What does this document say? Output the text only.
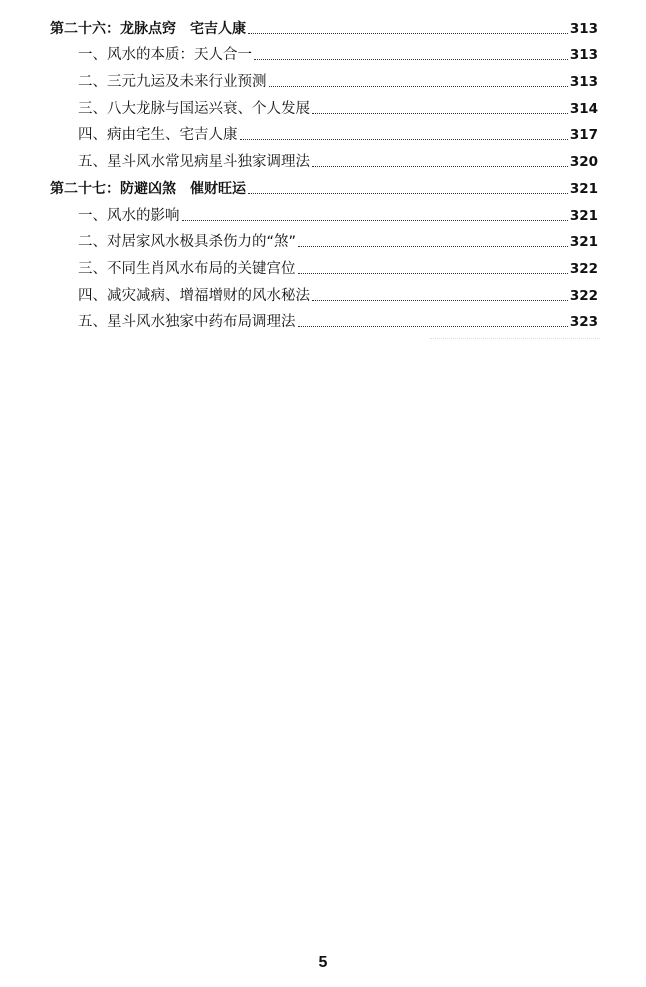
第二十六：龙脉点窍　宅吉人康	313
一、风水的本质：天人合一	313
二、三元九运及未来行业预测	313
三、八大龙脉与国运兴衰、个人发展	314
四、病由宅生、宅吉人康	317
五、星斗风水常见病星斗独家调理法	320
第二十七：防避凶煞　催财旺运	321
一、风水的影响	321
二、对居家风水极具杀伤力的“煞”	321
三、不同生肖风水布局的关键宫位	322
四、减灾减病、增福增财的风水秘法	322
五、星斗风水独家中药布局调理法	323
5
